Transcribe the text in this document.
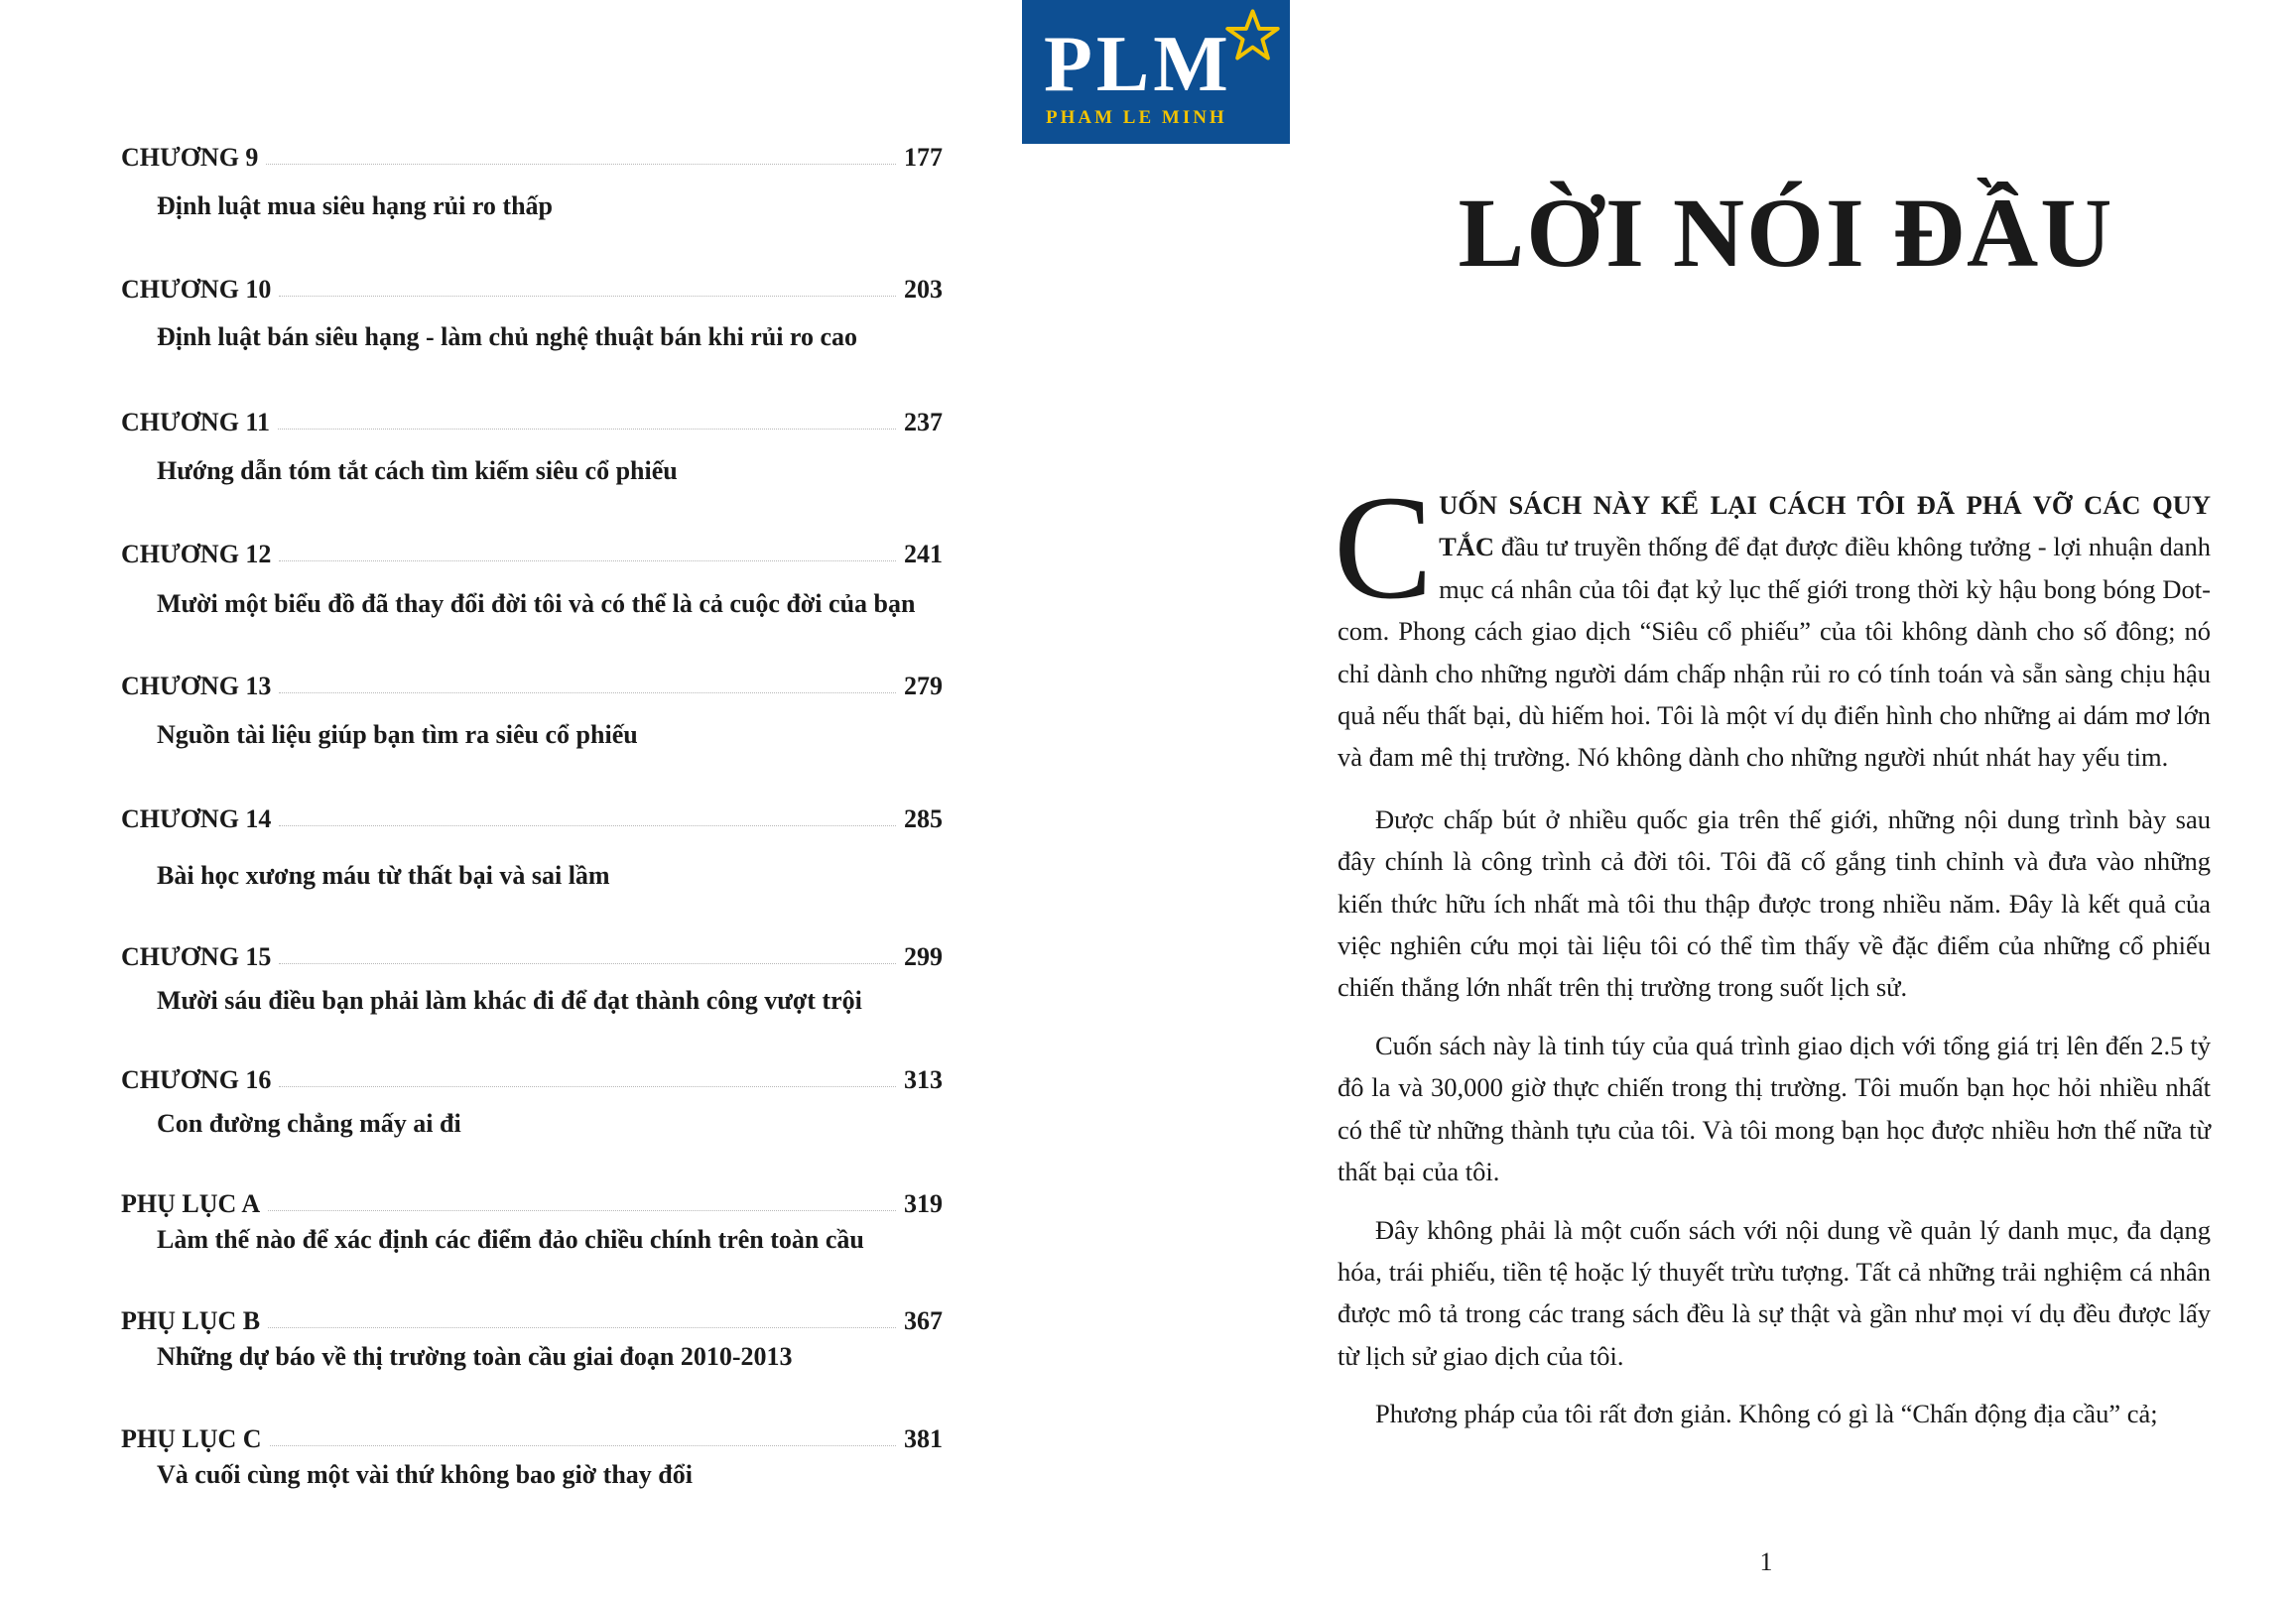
PLM
PHAM LE MINH
CHƯƠNG 9	177
Định luật mua siêu hạng rủi ro thấp
CHƯƠNG 10	203
Định luật bán siêu hạng - làm chủ nghệ thuật bán khi rủi ro cao
CHƯƠNG 11	237
Hướng dẫn tóm tắt cách tìm kiếm siêu cổ phiếu
CHƯƠNG 12	241
Mười một biểu đồ đã thay đổi đời tôi và có thể là cả cuộc đời của bạn
CHƯƠNG 13	279
Nguồn tài liệu giúp bạn tìm ra siêu cổ phiếu
CHƯƠNG 14	285
Bài học xương máu từ thất bại và sai lầm
CHƯƠNG 15	299
Mười sáu điều bạn phải làm khác đi để đạt thành công vượt trội
CHƯƠNG 16	313
Con đường chẳng mấy ai đi
PHỤ LỤC A	319
Làm thế nào để xác định các điểm đảo chiều chính trên toàn cầu
PHỤ LỤC B	367
Những dự báo về thị trường toàn cầu giai đoạn 2010-2013
PHỤ LỤC C	381
Và cuối cùng một vài thứ không bao giờ thay đổi
LỜI NÓI ĐẦU

CUỐN SÁCH NÀY KỂ LẠI CÁCH TÔI ĐÃ PHÁ VỠ CÁC QUY TẮC đầu tư truyền thống để đạt được điều không tưởng - lợi nhuận danh mục cá nhân của tôi đạt kỷ lục thế giới trong thời kỳ hậu bong bóng Dot-com. Phong cách giao dịch “Siêu cổ phiếu” của tôi không dành cho số đông; nó chỉ dành cho những người dám chấp nhận rủi ro có tính toán và sẵn sàng chịu hậu quả nếu thất bại, dù hiếm hoi. Tôi là một ví dụ điển hình cho những ai dám mơ lớn và đam mê thị trường. Nó không dành cho những người nhút nhát hay yếu tim.

Được chấp bút ở nhiều quốc gia trên thế giới, những nội dung trình bày sau đây chính là công trình cả đời tôi. Tôi đã cố gắng tinh chỉnh và đưa vào những kiến thức hữu ích nhất mà tôi thu thập được trong nhiều năm. Đây là kết quả của việc nghiên cứu mọi tài liệu tôi có thể tìm thấy về đặc điểm của những cổ phiếu chiến thắng lớn nhất trên thị trường trong suốt lịch sử.

Cuốn sách này là tinh túy của quá trình giao dịch với tổng giá trị lên đến 2.5 tỷ đô la và 30,000 giờ thực chiến trong thị trường. Tôi muốn bạn học hỏi nhiều nhất có thể từ những thành tựu của tôi. Và tôi mong bạn học được nhiều hơn thế nữa từ thất bại của tôi.

Đây không phải là một cuốn sách với nội dung về quản lý danh mục, đa dạng hóa, trái phiếu, tiền tệ hoặc lý thuyết trừu tượng. Tất cả những trải nghiệm cá nhân được mô tả trong các trang sách đều là sự thật và gần như mọi ví dụ đều được lấy từ lịch sử giao dịch của tôi.

Phương pháp của tôi rất đơn giản. Không có gì là “Chấn động địa cầu” cả;

1
